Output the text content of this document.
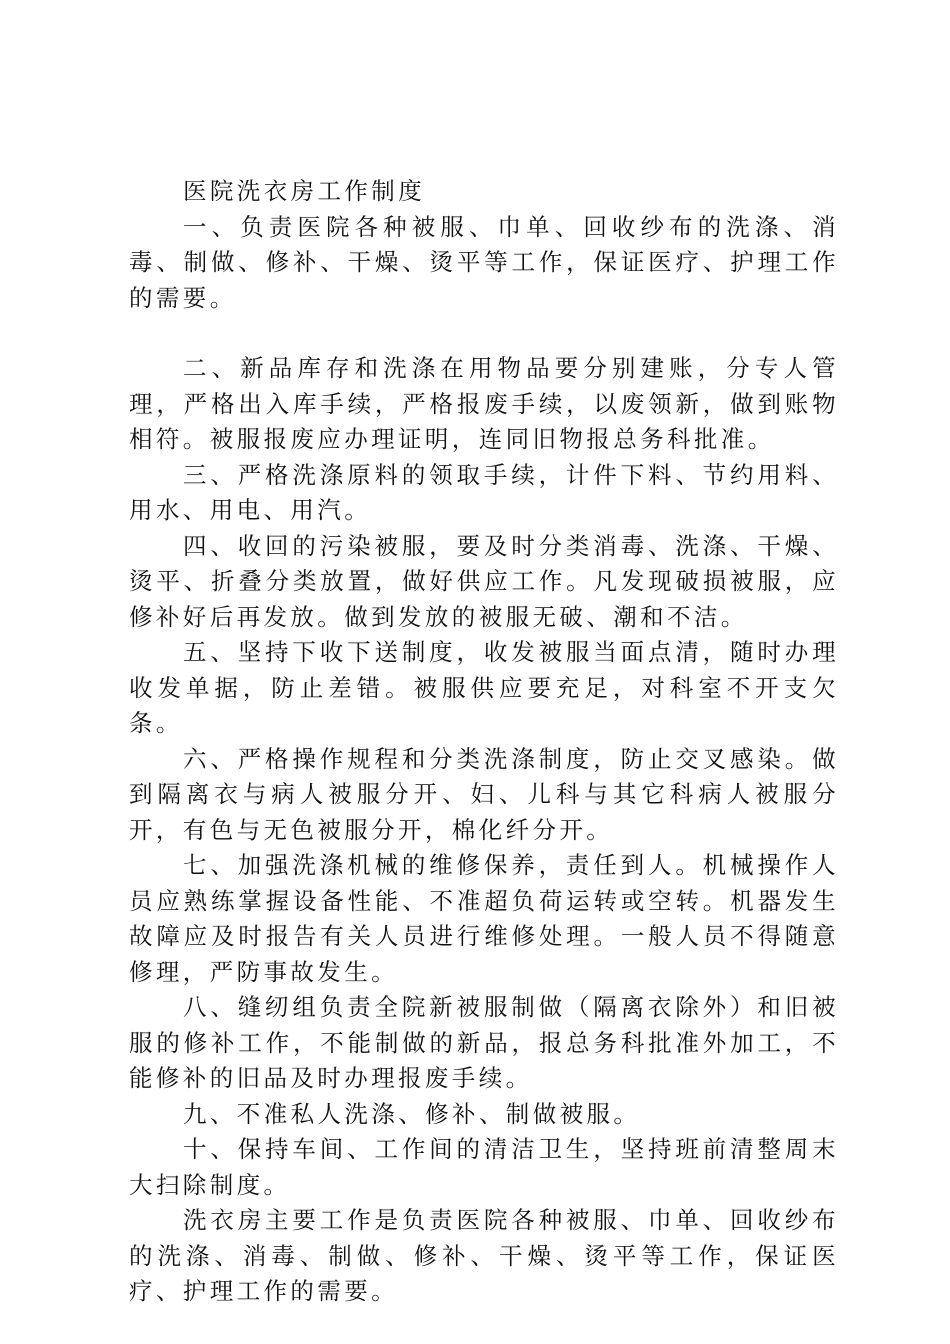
医院洗衣房工作制度

一、负责医院各种被服、巾单、回收纱布的洗涤、消毒、制做、修补、干燥、烫平等工作，保证医疗、护理工作的需要。

二、新品库存和洗涤在用物品要分别建账，分专人管理，严格出入库手续，严格报废手续，以废领新，做到账物相符。被服报废应办理证明，连同旧物报总务科批准。

三、严格洗涤原料的领取手续，计件下料、节约用料、用水、用电、用汽。

四、收回的污染被服，要及时分类消毒、洗涤、干燥、烫平、折叠分类放置，做好供应工作。凡发现破损被服，应修补好后再发放。做到发放的被服无破、潮和不洁。

五、坚持下收下送制度，收发被服当面点清，随时办理收发单据，防止差错。被服供应要充足，对科室不开支欠条。

六、严格操作规程和分类洗涤制度，防止交叉感染。做到隔离衣与病人被服分开、妇、儿科与其它科病人被服分开，有色与无色被服分开，棉化纤分开。

七、加强洗涤机械的维修保养，责任到人。机械操作人员应熟练掌握设备性能、不准超负荷运转或空转。机器发生故障应及时报告有关人员进行维修处理。一般人员不得随意修理，严防事故发生。

八、缝纫组负责全院新被服制做（隔离衣除外）和旧被服的修补工作，不能制做的新品，报总务科批准外加工，不能修补的旧品及时办理报废手续。

九、不准私人洗涤、修补、制做被服。

十、保持车间、工作间的清洁卫生，坚持班前清整周末大扫除制度。

洗衣房主要工作是负责医院各种被服、巾单、回收纱布的洗涤、消毒、制做、修补、干燥、烫平等工作，保证医疗、护理工作的需要。
